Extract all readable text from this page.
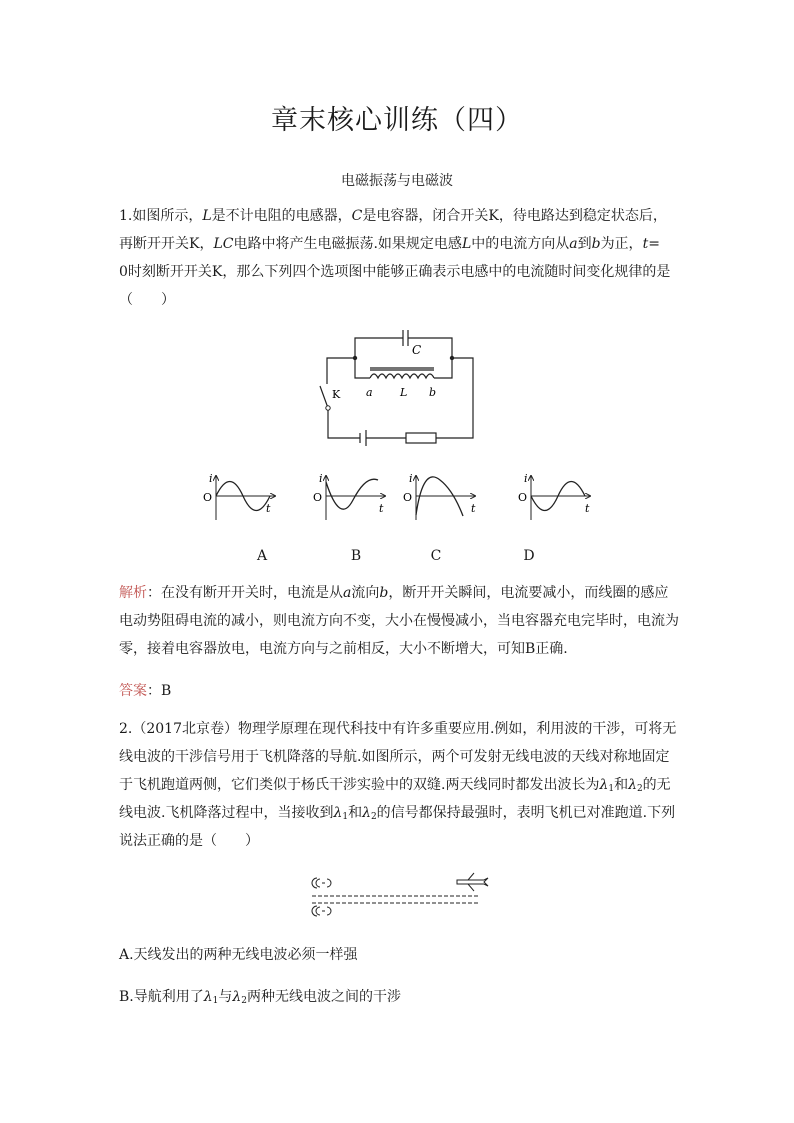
章末核心训练（四）
电磁振荡与电磁波
1.如图所示，L是不计电阻的电感器，C是电容器，闭合开关K，待电路达到稳定状态后，
再断开开关K，LC电路中将产生电磁振荡.如果规定电感L中的电流方向从a到b为正，t=
0时刻断开开关K，那么下列四个选项图中能够正确表示电感中的电流随时间变化规律的是
（　　）
C
a L b
K
i
O
t
i
O
t
i
O
t
i
O
t
A	B	C	D
解析：在没有断开开关时，电流是从a流向b，断开开关瞬间，电流要减小，而线圈的感应
电动势阻碍电流的减小，则电流方向不变，大小在慢慢减小，当电容器充电完毕时，电流为
零，接着电容器放电，电流方向与之前相反，大小不断增大，可知B正确.
答案：B
2.（2017北京卷）物理学原理在现代科技中有许多重要应用.例如，利用波的干涉，可将无
线电波的干涉信号用于飞机降落的导航.如图所示，两个可发射无线电波的天线对称地固定
于飞机跑道两侧，它们类似于杨氏干涉实验中的双缝.两天线同时都发出波长为$\lambda_1$和$\lambda_2$的无
线电波.飞机降落过程中，当接收到$\lambda_1$和$\lambda_2$的信号都保持最强时，表明飞机已对准跑道.下列
说法正确的是（　　）
A.天线发出的两种无线电波必须一样强
B.导航利用了$\lambda_1$与$\lambda_2$两种无线电波之间的干涉
